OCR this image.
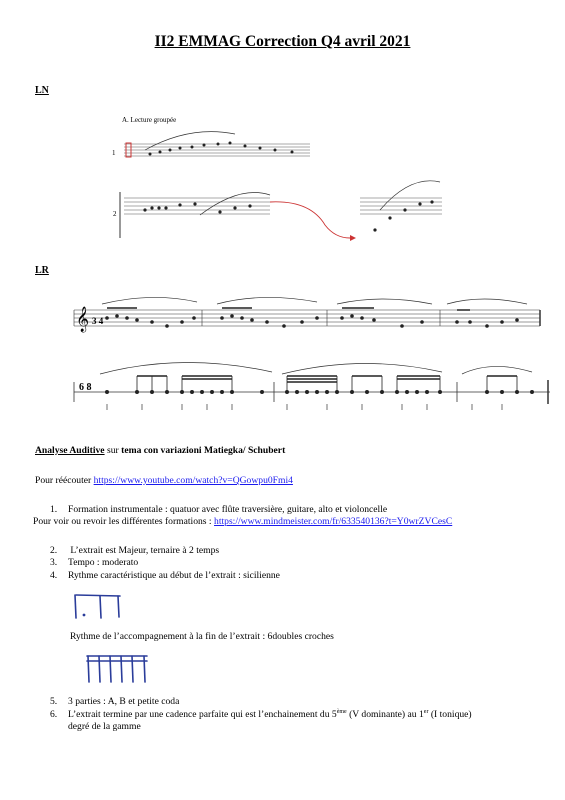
II2 EMMAG Correction Q4 avril 2021
LN
A. Lecture groupée
1
2
LR
𝄞 3 4
6 8
Analyse Auditive sur tema con variazioni Matiegka/ Schubert
Pour réécouter https://www.youtube.com/watch?v=QGowpu0Fmi4
1. Formation instrumentale : quatuor avec flûte traversière, guitare, alto et violoncelle
Pour voir ou revoir les différentes formations : https://www.mindmeister.com/fr/633540136?t=Y0wrZVCesC
2. L’extrait est Majeur, ternaire à 2 temps
3. Tempo : moderato
4. Rythme caractéristique au début de l’extrait : sicilienne
Rythme de l’accompagnement à la fin de l’extrait : 6doubles croches
5. 3 parties : A, B et petite coda
6. L’extrait termine par une cadence parfaite qui est l’enchainement du 5ème (V dominante) au 1er (I tonique)
degré de la gamme
